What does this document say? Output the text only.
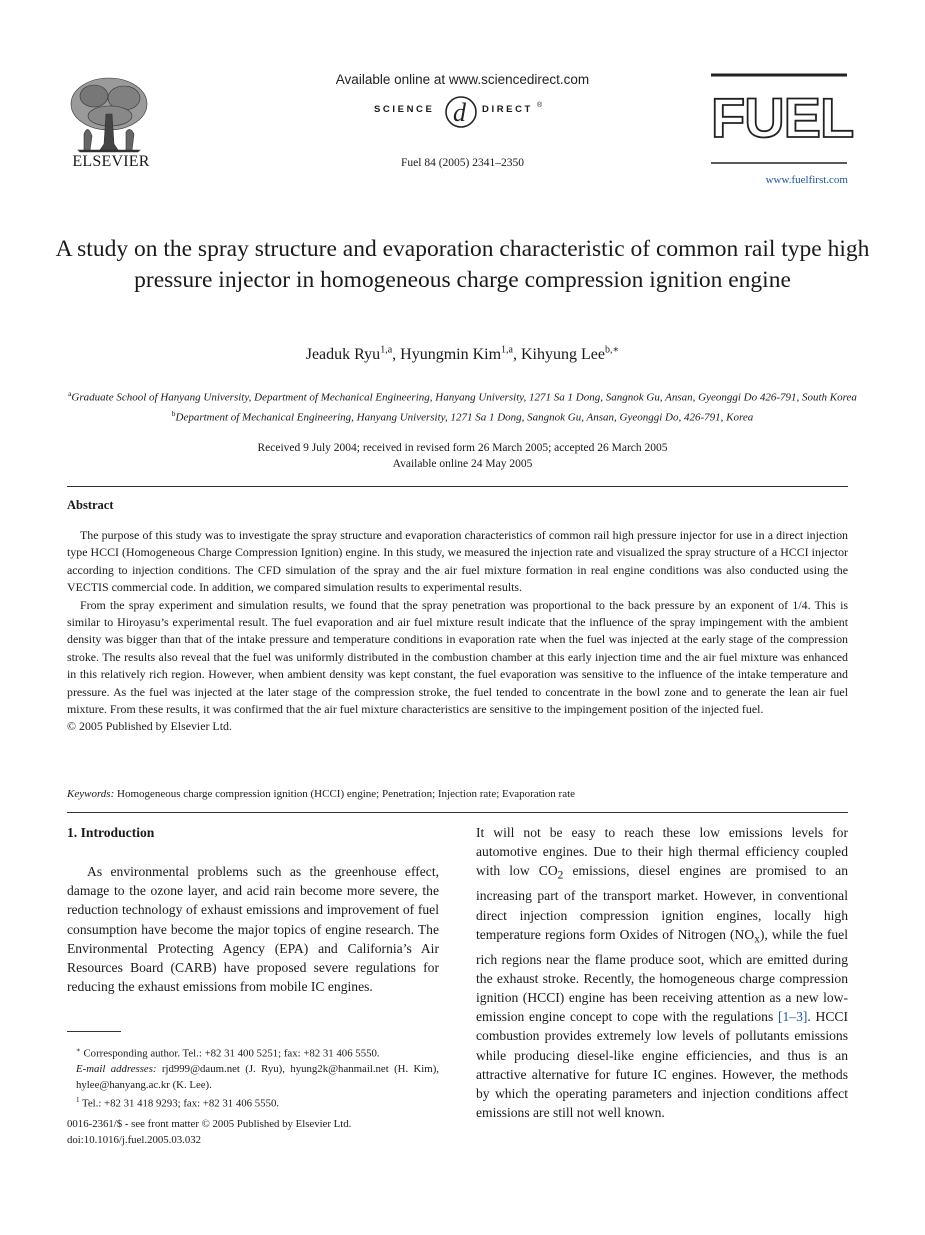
ELSEVIER
Available online at www.sciencedirect.com
SCIENCE d DIRECT ®
Fuel 84 (2005) 2341–2350
FUEL
www.fuelfirst.com
A study on the spray structure and evaporation characteristic of common rail type high pressure injector in homogeneous charge compression ignition engine
Jeaduk Ryu$^{1,a}$, Hyungmin Kim$^{1,a}$, Kihyung Lee$^{b,∗}$
$^a$Graduate School of Hanyang University, Department of Mechanical Engineering, Hanyang University, 1271 Sa 1 Dong, Sangnok Gu, Ansan, Gyeonggi Do 426-791, South Korea
$^b$Department of Mechanical Engineering, Hanyang University, 1271 Sa 1 Dong, Sangnok Gu, Ansan, Gyeonggi Do, 426-791, Korea
Received 9 July 2004; received in revised form 26 March 2005; accepted 26 March 2005
Available online 24 May 2005
Abstract

The purpose of this study was to investigate the spray structure and evaporation characteristics of common rail high pressure injector for use in a direct injection type HCCI (Homogeneous Charge Compression Ignition) engine. In this study, we measured the injection rate and visualized the spray structure of a HCCI injector according to injection conditions. The CFD simulation of the spray and the air fuel mixture formation in real engine conditions was also conducted using the VECTIS commercial code. In addition, we compared simulation results to experimental results.

From the spray experiment and simulation results, we found that the spray penetration was proportional to the back pressure by an exponent of 1/4. This is similar to Hiroyasu’s experimental result. The fuel evaporation and air fuel mixture result indicate that the influence of the spray impingement with the ambient density was bigger than that of the intake pressure and temperature conditions in evaporation rate when the fuel was injected at the early stage of the compression stroke. The results also reveal that the fuel was uniformly distributed in the combustion chamber at this early injection time and the air fuel mixture was enhanced in this relatively rich region. However, when ambient density was kept constant, the fuel evaporation was sensitive to the influence of the intake temperature and pressure. As the fuel was injected at the later stage of the compression stroke, the fuel tended to concentrate in the bowl zone and to generate the lean air fuel mixture. From these results, it was confirmed that the air fuel mixture characteristics are sensitive to the impingement position of the injected fuel.

© 2005 Published by Elsevier Ltd.

Keywords: Homogeneous charge compression ignition (HCCI) engine; Penetration; Injection rate; Evaporation rate
1. Introduction

As environmental problems such as the greenhouse effect, damage to the ozone layer, and acid rain become more severe, the reduction technology of exhaust emissions and improvement of fuel consumption have become the major topics of engine research. The Environmental Protecting Agency (EPA) and California’s Air Resources Board (CARB) have proposed severe regulations for reducing the exhaust emissions from mobile IC engines.

∗ Corresponding author. Tel.: +82 31 400 5251; fax: +82 31 406 5550.

E-mail addresses: rjd999@daum.net (J. Ryu), hyung2k@hanmail.net (H. Kim), hylee@hanyang.ac.kr (K. Lee).

$^1$ Tel.: +82 31 418 9293; fax: +82 31 406 5550.

0016-2361/$ - see front matter © 2005 Published by Elsevier Ltd.
doi:10.1016/j.fuel.2005.03.032

It will not be easy to reach these low emissions levels for automotive engines. Due to their high thermal efficiency coupled with low $CO_2$ emissions, diesel engines are promised to an increasing part of the transport market. However, in conventional direct injection compression ignition engines, locally high temperature regions form Oxides of Nitrogen $(NO_x)$, while the fuel rich regions near the flame produce soot, which are emitted during the exhaust stroke. Recently, the homogeneous charge compression ignition (HCCI) engine has been receiving attention as a new low-emission engine concept to cope with the regulations [1–3]. HCCI combustion provides extremely low levels of pollutants emissions while producing diesel-like engine efficiencies, and thus is an attractive alternative for future IC engines. However, the methods by which the operating parameters and injection conditions affect emissions are still not well known.
